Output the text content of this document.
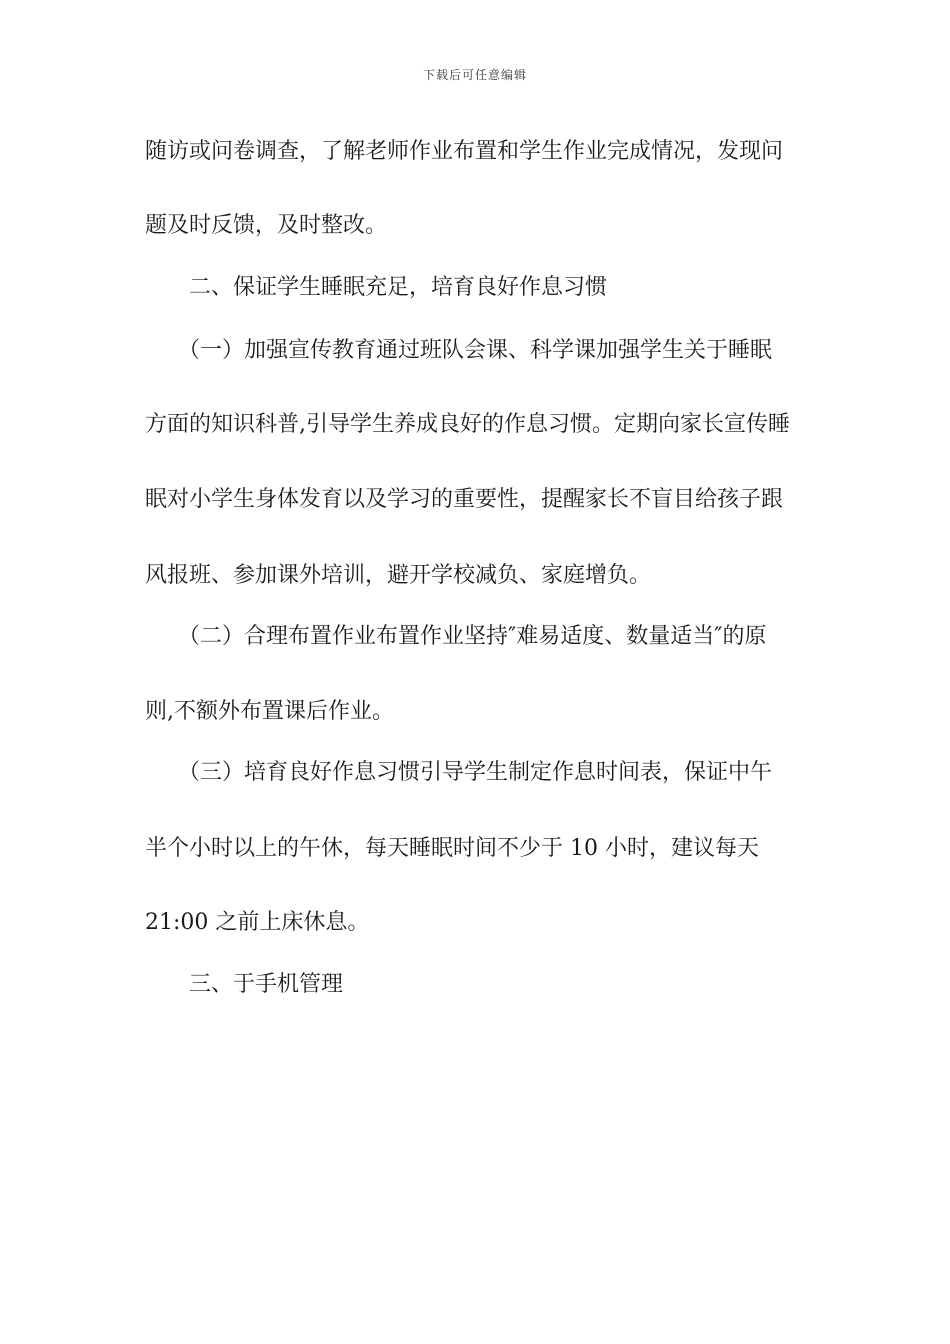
下载后可任意编辑
随访或问卷调查，了解老师作业布置和学生作业完成情况，发现问
题及时反馈，及时整改。
　　二、保证学生睡眠充足，培育良好作息习惯
　　（一）加强宣传教育通过班队会课、科学课加强学生关于睡眠
方面的知识科普,引导学生养成良好的作息习惯。定期向家长宣传睡
眠对小学生身体发育以及学习的重要性，提醒家长不盲目给孩子跟
风报班、参加课外培训，避开学校减负、家庭增负。
　　（二）合理布置作业布置作业坚持″难易适度、数量适当″的原
则,不额外布置课后作业。
　　（三）培育良好作息习惯引导学生制定作息时间表，保证中午
半个小时以上的午休，每天睡眠时间不少于 10 小时，建议每天
21:00 之前上床休息。
　　三、于手机管理
